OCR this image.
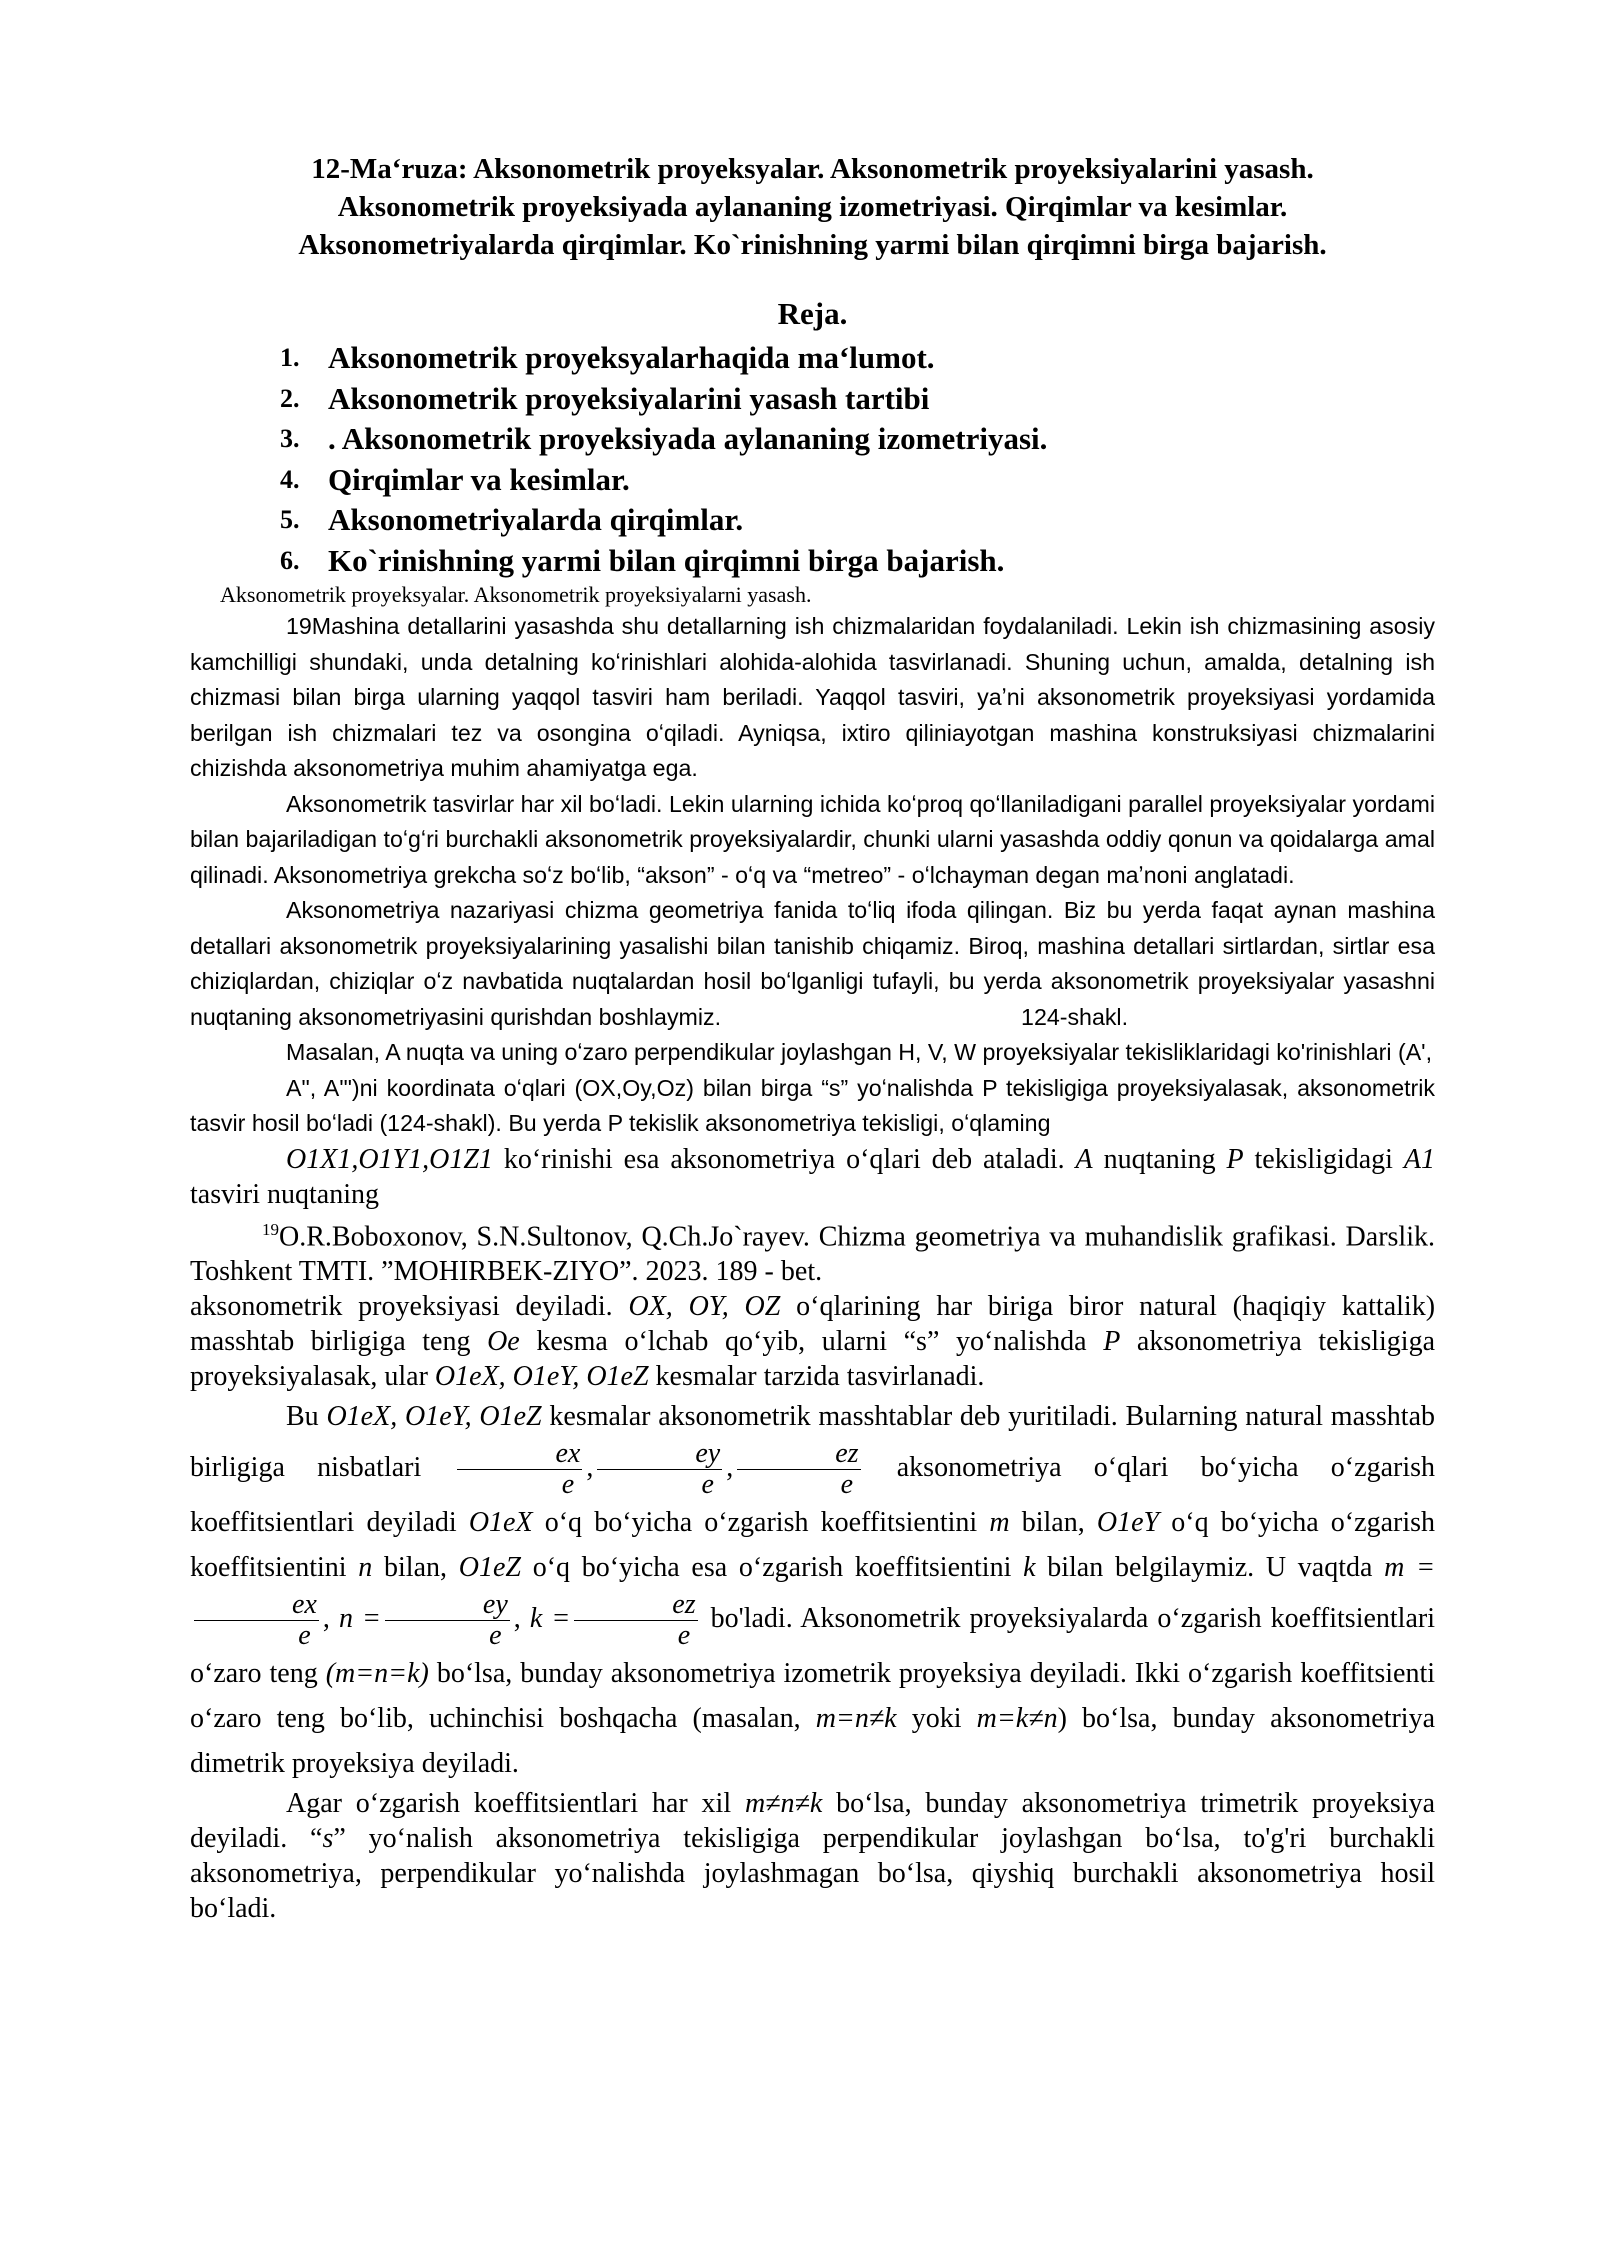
12-Maʻruza: Aksonometrik proyeksyalar. Aksonometrik proyeksiyalarini yasash.
Aksonometrik proyeksiyada aylananing izometriyasi. Qirqimlar va kesimlar.
Aksonometriyalarda qirqimlar. Ko`rinishning yarmi bilan qirqimni birga bajarish.
Reja.
1. Aksonometrik proyeksyalarhaqida maʻlumot.
2. Aksonometrik proyeksiyalarini yasash tartibi
3. . Aksonometrik proyeksiyada aylananing izometriyasi.
4. Qirqimlar va kesimlar.
5. Aksonometriyalarda qirqimlar.
6. Ko`rinishning yarmi bilan qirqimni birga bajarish.
Aksonometrik proyeksyalar. Aksonometrik proyeksiyalarni yasash.

19Mashina detallarini yasashda shu detallarning ish chizmalaridan foydalaniladi. Lekin ish chizmasining asosiy kamchilligi shundaki, unda detalning koʻrinishlari alohida-alohida tasvirlanadi. Shuning uchun, amalda, detalning ish chizmasi bilan birga ularning yaqqol tasviri ham beriladi. Yaqqol tasviri, yaʼni aksonometrik proyeksiyasi yordamida berilgan ish chizmalari tez va osongina oʻqiladi. Ayniqsa, ixtiro qiliniayotgan mashina konstruksiyasi chizmalarini chizishda aksonometriya muhim ahamiyatga ega.

Aksonometrik tasvirlar har xil boʻladi. Lekin ularning ichida koʻproq qoʻllaniladigani parallel proyeksiyalar yordami bilan bajariladigan toʻgʻri burchakli aksonometrik proyeksiyalardir, chunki ularni yasashda oddiy qonun va qoidalarga amal qilinadi. Aksonometriya grekcha soʻz boʻlib, “akson” - oʻq va “metreo” - oʻlchayman degan maʼnoni anglatadi.

Aksonometriya nazariyasi chizma geometriya fanida toʻliq ifoda qilingan. Biz bu yerda faqat aynan mashina detallari aksonometrik proyeksiyalarining yasalishi bilan tanishib chiqamiz. Biroq, mashina detallari sirtlardan, sirtlar esa chiziqlardan, chiziqlar oʻz navbatida nuqtalardan hosil boʻlganligi tufayli, bu yerda aksonometrik proyeksiyalar yasashni nuqtaning aksonometriyasini qurishdan boshlaymiz.	124-shakl.

Masalan, A nuqta va uning oʻzaro perpendikular joylashgan H, V, W proyeksiyalar tekisliklaridagi ko'rinishlari (A',

A", A'")ni koordinata oʻqlari (OX,Oy,Oz) bilan birga “s” yoʻnalishda P tekisligiga proyeksiyalasak, aksonometrik tasvir hosil boʻladi (124-shakl). Bu yerda P tekislik aksonometriya tekisligi, oʻqlaming

O1X1,O1Y1,O1Z1 koʻrinishi esa aksonometriya oʻqlari deb ataladi. A nuqtaning P tekisligidagi A1 tasviri nuqtaning

$^{19}$O.R.Boboxonov, S.N.Sultonov, Q.Ch.Jo`rayev. Chizma geometriya va muhandislik grafikasi. Darslik. Toshkent TMTI. ”MOHIRBEK-ZIYO”. 2023. 189 - bet.

aksonometrik proyeksiyasi deyiladi. OX, OY, OZ oʻqlarining har biriga biror natural (haqiqiy kattalik) masshtab birligiga teng Oe kesma oʻlchab qoʻyib, ularni “s” yoʻnalishda P aksonometriya tekisligiga proyeksiyalasak, ular O1eX, O1eY, O1eZ kesmalar tarzida tasvirlanadi.

Bu O1eX, O1eY, O1eZ kesmalar aksonometrik masshtablar deb yuritiladi. Bularning natural masshtab birligiga nisbatlari $\frac{ex}{e}$ , $\frac{ey}{e}$ , $\frac{ez}{e}$ aksonometriya oʻqlari boʻyicha oʻzgarish koeffitsientlari deyiladi O1eX oʻq boʻyicha oʻzgarish koeffitsientini m bilan, O1eY oʻq boʻyicha oʻzgarish koeffitsientini n bilan, O1eZ oʻq boʻyicha esa oʻzgarish koeffitsientini k bilan belgilaymiz. U vaqtda m =
$\frac{ex}{e}$ , $n = \frac{ey}{e}$ , $k = \frac{ez}{e}$ bo'ladi. Aksonometrik proyeksiyalarda oʻzgarish koeffitsientlari oʻzaro teng (m=n=k) boʻlsa, bunday aksonometriya izometrik proyeksiya deyiladi. Ikki oʻzgarish koeffitsienti oʻzaro teng boʻlib, uchinchisi boshqacha (masalan, m=n≠k yoki m=k≠n) boʻlsa, bunday aksonometriya dimetrik proyeksiya deyiladi.

Agar oʻzgarish koeffitsientlari har xil m≠n≠k boʻlsa, bunday aksonometriya trimetrik proyeksiya deyiladi. “s” yoʻnalish aksonometriya tekisligiga perpendikular joylashgan boʻlsa, to'g'ri burchakli aksonometriya, perpendikular yoʻnalishda joylashmagan boʻlsa, qiyshiq burchakli aksonometriya hosil boʻladi.
